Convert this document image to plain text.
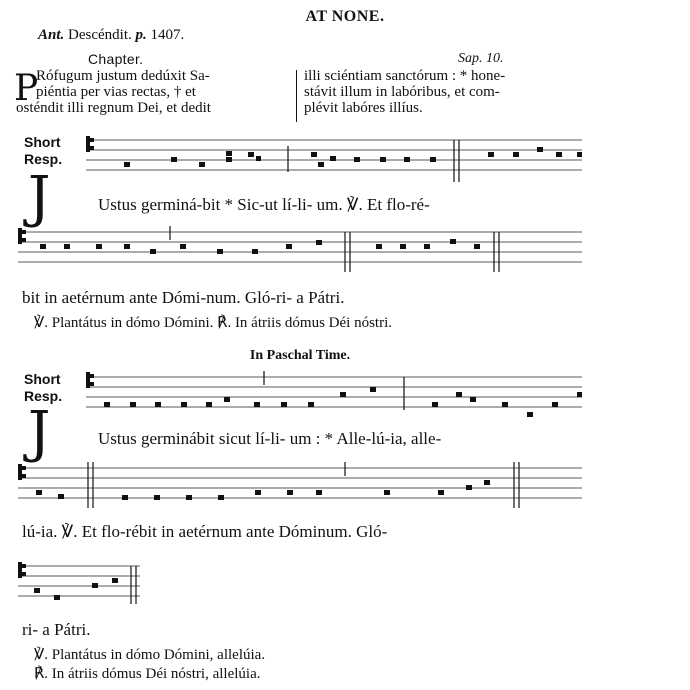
AT NONE.
Ant. Descéndit. p. 1407.
Chapter.	Sap. 10.
P
Rófugum justum dedúxit Sa-
piéntia per vias rectas, † et
osténdit illi regnum Dei, et dedit
illi sciéntiam sanctórum : * hone-
stávit illum in labóribus, et com-
plévit labóres illíus.
Short
Resp.
J	Ustus germiná-bit * Sic-ut lí-li- um. ℣. Et flo-ré-
bit in aetérnum ante Dómi-num. Gló-ri- a Pátri.
℣. Plantátus in dómo Dómini. ℟. In átriis dómus Déi nóstri.
In Paschal Time.
Short
Resp.
J	Ustus germinábit sicut lí-li- um : * Alle-lú-ia, alle-
lú-ia. ℣. Et flo-rébit in aetérnum ante Dóminum. Gló-
ri- a Pátri.
℣. Plantátus in dómo Dómini, allelúia.
℟. In átriis dómus Déi nóstri, allelúia.
